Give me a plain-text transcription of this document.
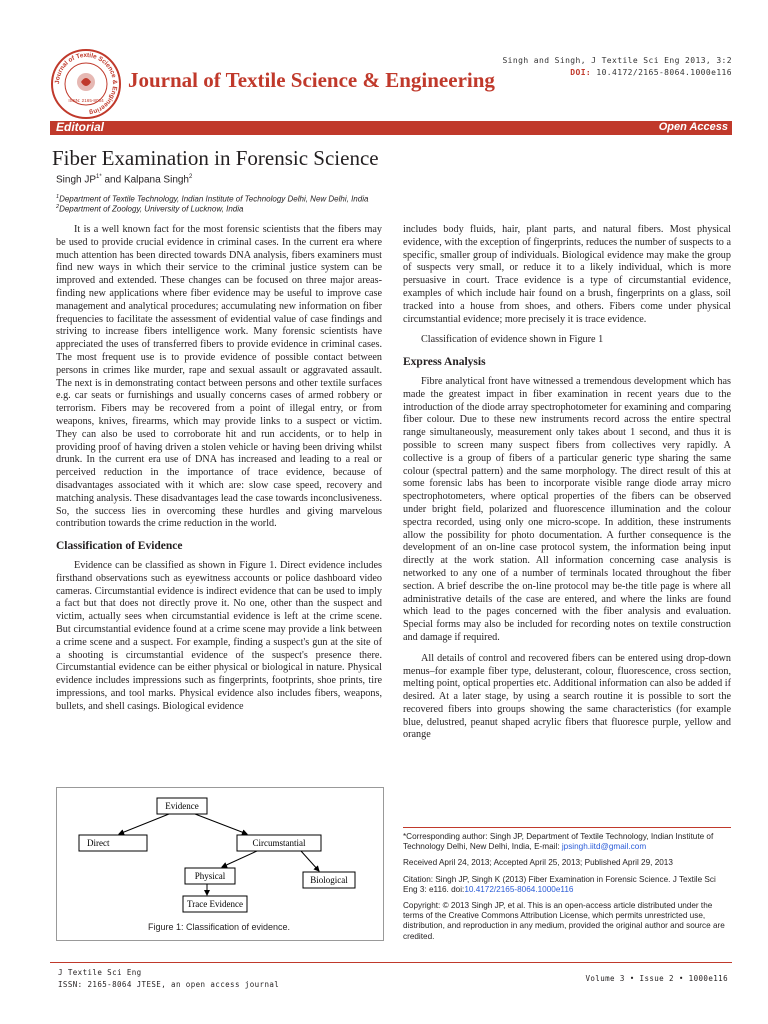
Journal of Textile Science & Engineering
ISSN: 2165-8064
Journal of Textile Science & Engineering
Singh and Singh, J Textile Sci Eng 2013, 3:2
DOI: 10.4172/2165-8064.1000e116
Editorial	Open Access
Fiber Examination in Forensic Science
Singh $JP^{1*}$ and Kalpana Singh$^2$
$^1$Department of Textile Technology, Indian Institute of Technology Delhi, New Delhi, India
$^2$Department of Zoology, University of Lucknow, India

It is a well known fact for the most forensic scientists that the fibers may be used to provide crucial evidence in criminal cases. In the current era where much attention has been directed towards DNA analysis, fibers examiners must find new ways in which their service to the criminal justice system can be improved and extended. These changes can be focused on three major areas-finding new applications where fiber evidence may be useful to improve case management and analytical procedures; accumulating new information on fiber frequencies to facilitate the assessment of evidential value of case findings and striving to increase fibers intelligence work. Many forensic scientists have appreciated the uses of transferred fibers to provide evidence in criminal cases. The most frequent use is to provide evidence of possible contact between persons in crimes like murder, rape and sexual assault or aggravated assault. The next is in demonstrating contact between persons and other textile surfaces e.g. car seats or furnishings and usually concerns cases of armed robbery or terrorism. Fibers may be recovered from a point of illegal entry, or from weapons, knives, firearms, which may provide links to a suspect or victim. They can also be used to corroborate hit and run accidents, or to help in providing proof of having driven a stolen vehicle or having been driving whilst drunk. In the current era use of DNA has increased and leading to a real or perceived reduction in the importance of trace evidence, because of disadvantages associated with it which are: slow case speed, recovery and matching analysis. These disadvantages lead the case towards inconclusiveness. So, the success lies in overcoming these hurdles and giving marvelous contribution towards the crime reduction in the world.

Classification of Evidence

Evidence can be classified as shown in Figure 1. Direct evidence includes firsthand observations such as eyewitness accounts or police dashboard video cameras. Circumstantial evidence is indirect evidence that can be used to imply a fact but that does not directly prove it. No one, other than the suspect and victim, actually sees when circumstantial evidence is left at the crime scene. But circumstantial evidence found at a crime scene may provide a link between a crime scene and a suspect. For example, finding a suspect's gun at the site of a shooting is circumstantial evidence of the suspect's presence there. Circumstantial evidence can be either physical or biological in nature. Physical evidence includes impressions such as fingerprints, footprints, shoe prints, tire impressions, and tool marks. Physical evidence also includes fibers, weapons, bullets, and shell casings. Biological evidence

Evidence
Direct	Circumstantial
Physical	Biological
Trace Evidence
Figure 1: Classification of evidence.

includes body fluids, hair, plant parts, and natural fibers. Most physical evidence, with the exception of fingerprints, reduces the number of suspects to a specific, smaller group of individuals. Biological evidence may make the group of suspects very small, or reduce it to a likely individual, which is more persuasive in court. Trace evidence is a type of circumstantial evidence, examples of which include hair found on a brush, fingerprints on a glass, soil tracked into a house from shoes, and others. Fibers come under physical circumstantial evidence; more precisely it is trace evidence.

Classification of evidence shown in Figure 1

Express Analysis

Fibre analytical front have witnessed a tremendous development which has made the greatest impact in fiber examination in recent years due to the introduction of the diode array spectrophotometer for examining and comparing fiber colour. Due to these new instruments record across the entire spectral range simultaneously, measurement only takes about 1 second, and thus it is possible to screen many suspect fibers from collectives very rapidly. A collective is a group of fibers of a particular generic type sharing the same colour (spectral pattern) and the same morphology. The direct result of this at some forensic labs has been to incorporate visible range diode array micro spectrophotometers, where optical properties of the fibers can be observed under bright field, polarized and fluorescence illumination and the colour spectra recorded, using only one micro-scope. In addition, these instruments allow the possibility for photo documentation. A further consequence is the development of an on-line case protocol system, the information being input directly at the work station. All information concerning case analysis is networked to any one of a number of terminals located throughout the fiber section. A brief describe the on-line protocol may be-the title page is where all administrative details of the case are entered, and where the links are found which lead to the pages concerned with the fiber analysis and evaluation. Special forms may also be included for recording notes on textile construction and damage if required.

All details of control and recovered fibers can be entered using drop-down menus–for example fiber type, delusterant, colour, fluorescence, cross section, melting point, optical properties etc. Additional information can also be added if desired. At a later stage, by using a search routine it is possible to sort the recovered fibers into groups showing the same characteristics (for example blue, delustred, peanut shaped acrylic fibers that fluoresce purple, yellow and orange

*Corresponding author: Singh JP, Department of Textile Technology, Indian Institute of Technology Delhi, New Delhi, India, E-mail: jpsingh.iitd@gmail.com
Received April 24, 2013; Accepted April 25, 2013; Published April 29, 2013
Citation: Singh JP, Singh K (2013) Fiber Examination in Forensic Science. J Textile Sci Eng 3: e116. doi:10.4172/2165-8064.1000e116
Copyright: © 2013 Singh JP, et al. This is an open-access article distributed under the terms of the Creative Commons Attribution License, which permits unrestricted use, distribution, and reproduction in any medium, provided the original author and source are credited.
J Textile Sci Eng
ISSN: 2165-8064 JTESE, an open access journal
Volume 3 • Issue 2 • 1000e116
